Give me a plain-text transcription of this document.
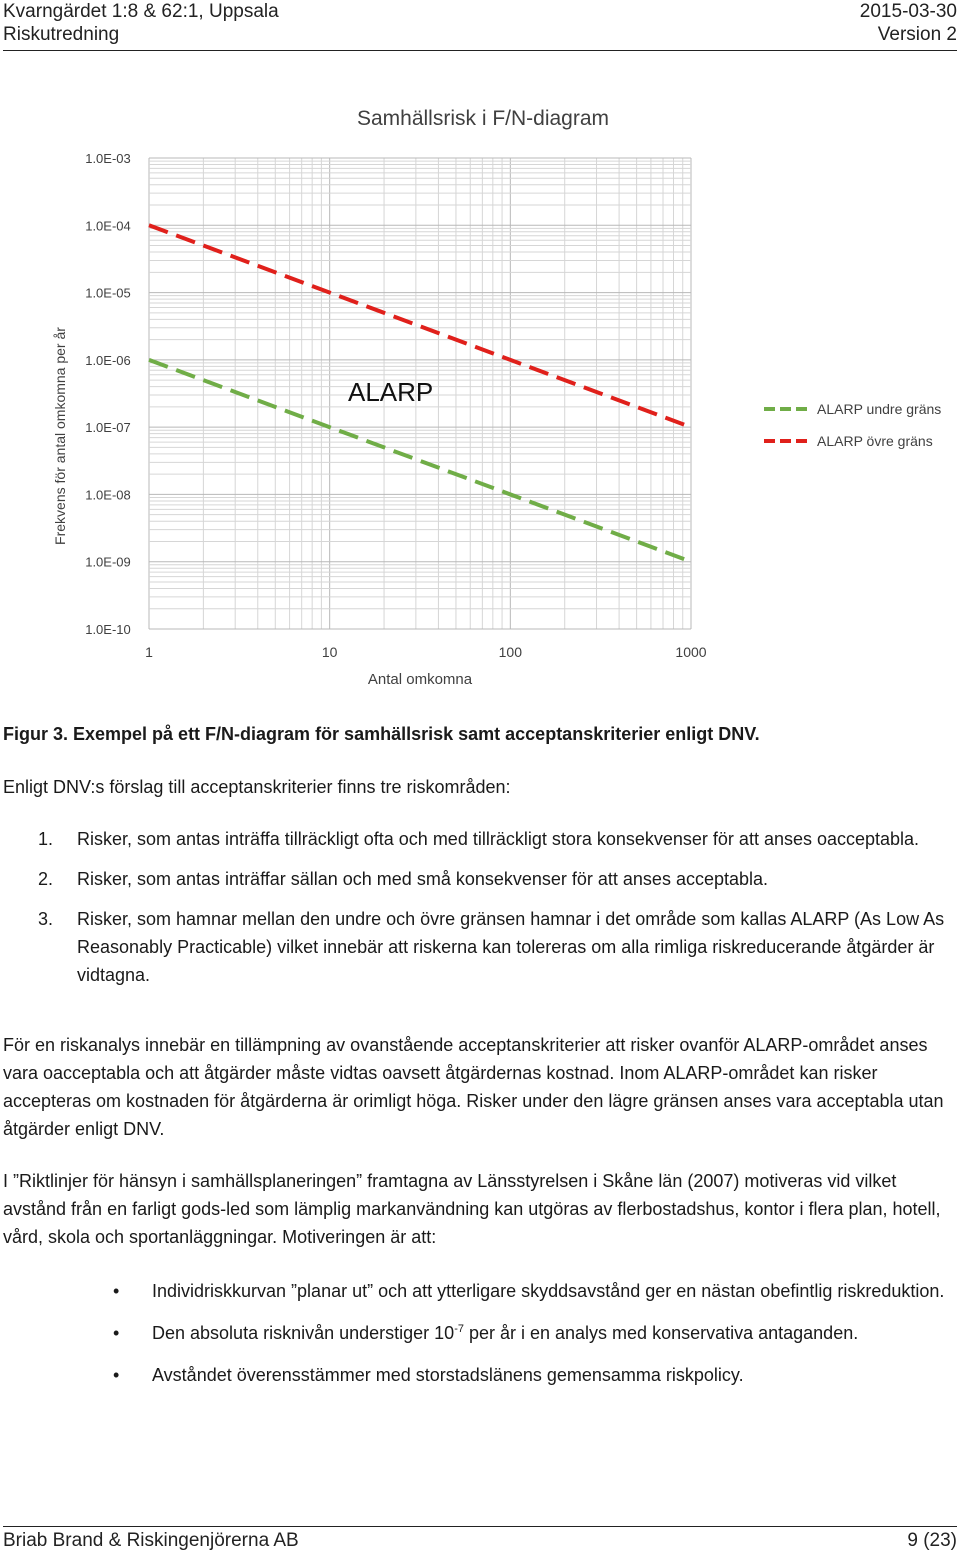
Kvarngärdet 1:8 & 62:1, Uppsala
Riskutredning
2015-03-30
Version 2
1.0E-03
1.0E-04
1.0E-05
1.0E-06
1.0E-07
1.0E-08
1.0E-09
1.0E-10
1	10	100	1000
Samhällsrisk i F/N-diagram
Antal omkomna
Frekvens för antal omkomna per år	ALARP
ALARP undre gräns
ALARP övre gräns
Figur 3. Exempel på ett F/N-diagram för samhällsrisk samt acceptanskriterier enligt DNV.

Enligt DNV:s förslag till acceptanskriterier finns tre riskområden:

1. Risker, som antas inträffa tillräckligt ofta och med tillräckligt stora konsekvenser för att anses oacceptabla.
2. Risker, som antas inträffar sällan och med små konsekvenser för att anses acceptabla.
3. Risker, som hamnar mellan den undre och övre gränsen hamnar i det område som kallas ALARP (As Low As Reasonably Practicable) vilket innebär att riskerna kan tolereras om alla rimliga riskreducerande åtgärder är vidtagna.

För en riskanalys innebär en tillämpning av ovanstående acceptanskriterier att risker ovanför ALARP-området anses vara oacceptabla och att åtgärder måste vidtas oavsett åtgärdernas kostnad. Inom ALARP-området kan risker accepteras om kostnaden för åtgärderna är orimligt höga. Risker under den lägre gränsen anses vara acceptabla utan åtgärder enligt DNV.

I ”Riktlinjer för hänsyn i samhällsplaneringen” framtagna av Länsstyrelsen i Skåne län (2007) motiveras vid vilket avstånd från en farligt gods-led som lämplig markanvändning kan utgöras av flerbostadshus, kontor i flera plan, hotell, vård, skola och sportanläggningar. Motiveringen är att:

• Individriskkurvan ”planar ut” och att ytterligare skyddsavstånd ger en nästan obefintlig riskreduktion.
• Den absoluta risknivån understiger $10^{-7}$ per år i en analys med konservativa antaganden.
• Avståndet överensstämmer med storstadslänens gemensamma riskpolicy.
Briab Brand & Riskingenjörerna AB	9 (23)
